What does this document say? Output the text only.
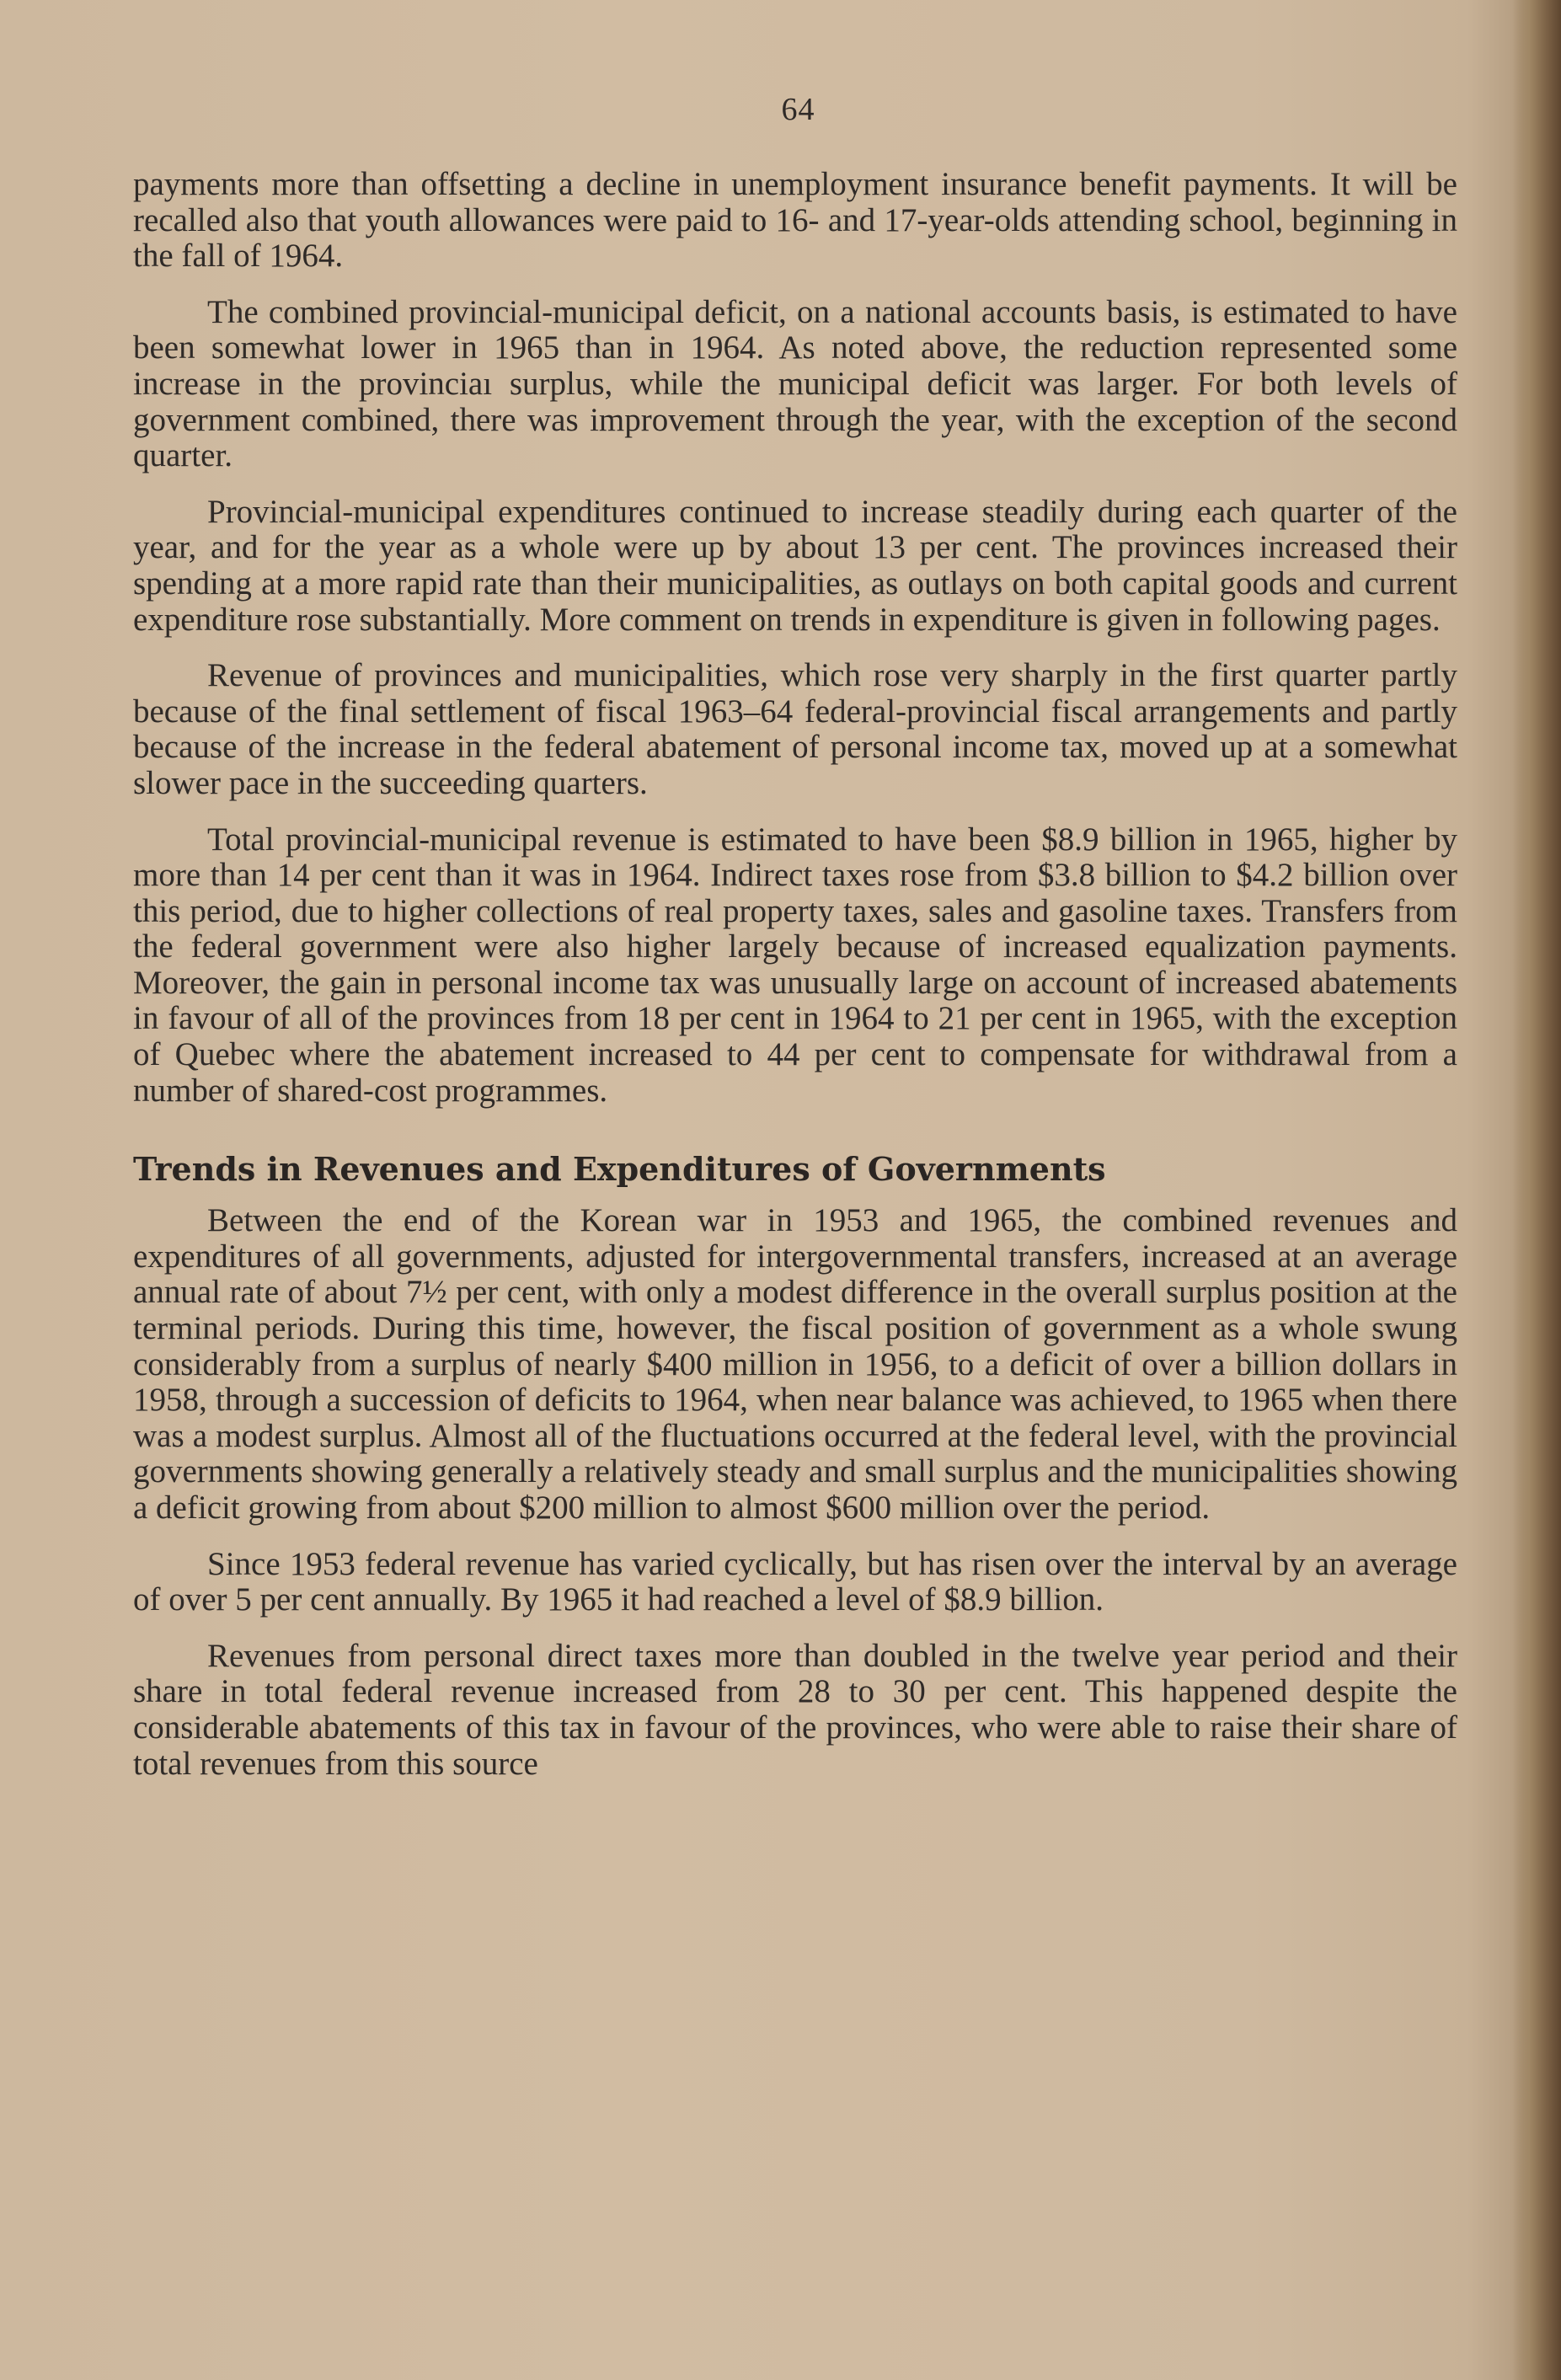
64

payments more than offsetting a decline in unemployment insurance benefit payments. It will be recalled also that youth allowances were paid to 16- and 17-year-olds attending school, beginning in the fall of 1964.

The combined provincial-municipal deficit, on a national accounts basis, is estimated to have been somewhat lower in 1965 than in 1964. As noted above, the reduction represented some increase in the provinciaı surplus, while the municipal deficit was larger. For both levels of government combined, there was improvement through the year, with the exception of the second quarter.

Provincial-municipal expenditures continued to increase steadily during each quarter of the year, and for the year as a whole were up by about 13 per cent. The provinces increased their spending at a more rapid rate than their municipalities, as outlays on both capital goods and current expenditure rose substantially. More comment on trends in expenditure is given in following pages.

Revenue of provinces and municipalities, which rose very sharply in the first quarter partly because of the final settlement of fiscal 1963–64 federal-provincial fiscal arrangements and partly because of the increase in the federal abatement of personal income tax, moved up at a somewhat slower pace in the succeeding quarters.

Total provincial-municipal revenue is estimated to have been $8.9 billion in 1965, higher by more than 14 per cent than it was in 1964. Indirect taxes rose from $3.8 billion to $4.2 billion over this period, due to higher collections of real property taxes, sales and gasoline taxes. Transfers from the federal government were also higher largely because of increased equalization payments. Moreover, the gain in personal income tax was unusually large on account of increased abatements in favour of all of the provinces from 18 per cent in 1964 to 21 per cent in 1965, with the exception of Quebec where the abatement increased to 44 per cent to compensate for withdrawal from a number of shared-cost programmes.

Trends in Revenues and Expenditures of Governments

Between the end of the Korean war in 1953 and 1965, the combined revenues and expenditures of all governments, adjusted for intergovernmental transfers, increased at an average annual rate of about 7½ per cent, with only a modest difference in the overall surplus position at the terminal periods. During this time, however, the fiscal position of government as a whole swung considerably from a surplus of nearly $400 million in 1956, to a deficit of over a billion dollars in 1958, through a succession of deficits to 1964, when near balance was achieved, to 1965 when there was a modest surplus. Almost all of the fluctuations occurred at the federal level, with the provincial governments showing generally a relatively steady and small surplus and the municipalities showing a deficit growing from about $200 million to almost $600 million over the period.

Since 1953 federal revenue has varied cyclically, but has risen over the interval by an average of over 5 per cent annually. By 1965 it had reached a level of $8.9 billion.

Revenues from personal direct taxes more than doubled in the twelve year period and their share in total federal revenue increased from 28 to 30 per cent. This happened despite the considerable abatements of this tax in favour of the provinces, who were able to raise their share of total revenues from this source
